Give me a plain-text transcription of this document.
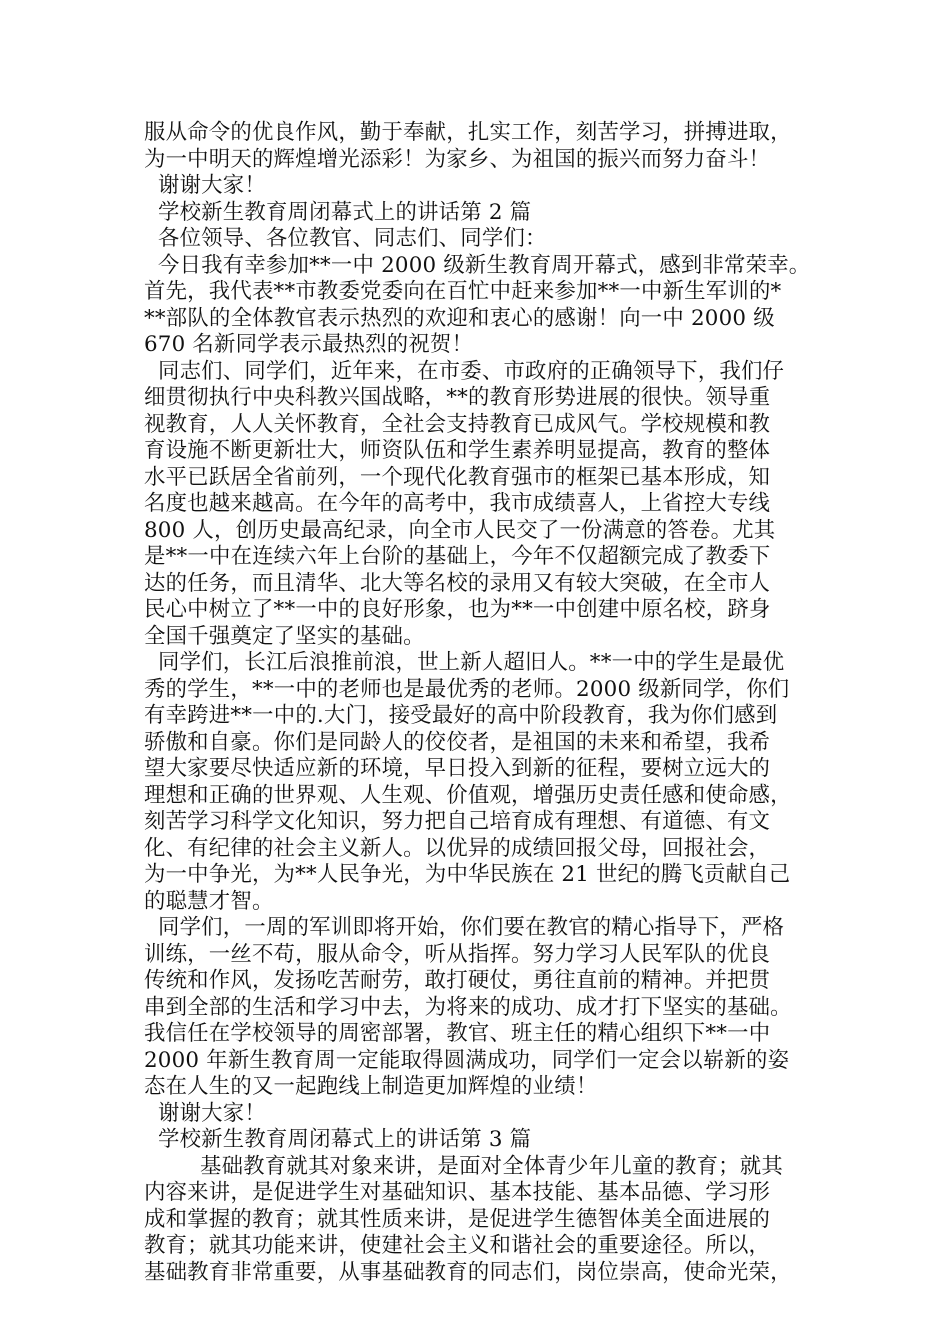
服从命令的优良作风，勤于奉献，扎实工作，刻苦学习，拼搏进取，
为一中明天的辉煌增光添彩！为家乡、为祖国的振兴而努力奋斗！
谢谢大家！
学校新生教育周闭幕式上的讲话第 2 篇
各位领导、各位教官、同志们、同学们：
今日我有幸参加**一中 2000 级新生教育周开幕式，感到非常荣幸。
首先，我代表**市教委党委向在百忙中赶来参加**一中新生军训的*
**部队的全体教官表示热烈的欢迎和衷心的感谢！向一中 2000 级
670 名新同学表示最热烈的祝贺！
同志们、同学们，近年来，在市委、市政府的正确领导下，我们仔
细贯彻执行中央科教兴国战略，**的教育形势进展的很快。领导重
视教育，人人关怀教育，全社会支持教育已成风气。学校规模和教
育设施不断更新壮大，师资队伍和学生素养明显提高，教育的整体
水平已跃居全省前列，一个现代化教育强市的框架已基本形成，知
名度也越来越高。在今年的高考中，我市成绩喜人，上省控大专线
800 人，创历史最高纪录，向全市人民交了一份满意的答卷。尤其
是**一中在连续六年上台阶的基础上，今年不仅超额完成了教委下
达的任务，而且清华、北大等名校的录用又有较大突破，在全市人
民心中树立了**一中的良好形象，也为**一中创建中原名校，跻身
全国千强奠定了坚实的基础。
同学们，长江后浪推前浪，世上新人超旧人。**一中的学生是最优
秀的学生，**一中的老师也是最优秀的老师。2000 级新同学，你们
有幸跨进**一中的.大门，接受最好的高中阶段教育，我为你们感到
骄傲和自豪。你们是同龄人的佼佼者，是祖国的未来和希望，我希
望大家要尽快适应新的环境，早日投入到新的征程，要树立远大的
理想和正确的世界观、人生观、价值观，增强历史责任感和使命感，
刻苦学习科学文化知识，努力把自己培育成有理想、有道德、有文
化、有纪律的社会主义新人。以优异的成绩回报父母，回报社会，
为一中争光，为**人民争光，为中华民族在 21 世纪的腾飞贡献自己
的聪慧才智。
同学们，一周的军训即将开始，你们要在教官的精心指导下，严格
训练，一丝不苟，服从命令，听从指挥。努力学习人民军队的优良
传统和作风，发扬吃苦耐劳，敢打硬仗，勇往直前的精神。并把贯
串到全部的生活和学习中去，为将来的成功、成才打下坚实的基础。
我信任在学校领导的周密部署，教官、班主任的精心组织下**一中
2000 年新生教育周一定能取得圆满成功，同学们一定会以崭新的姿
态在人生的又一起跑线上制造更加辉煌的业绩！
谢谢大家！
学校新生教育周闭幕式上的讲话第 3 篇
基础教育就其对象来讲，是面对全体青少年儿童的教育；就其
内容来讲，是促进学生对基础知识、基本技能、基本品德、学习形
成和掌握的教育；就其性质来讲，是促进学生德智体美全面进展的
教育；就其功能来讲，使建社会主义和谐社会的重要途径。所以，
基础教育非常重要，从事基础教育的同志们，岗位崇高，使命光荣，
